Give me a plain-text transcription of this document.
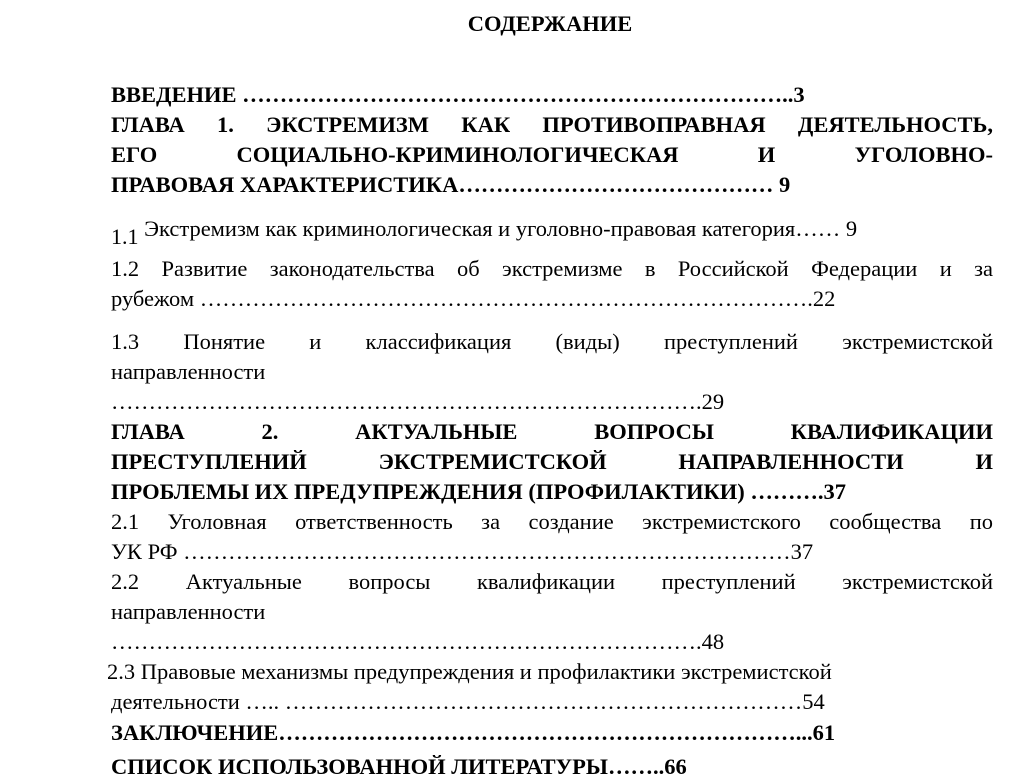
СОДЕРЖАНИЕ
ВВЕДЕНИЕ ………………………………………………………………..3
ГЛАВА 1. ЭКСТРЕМИЗМ КАК ПРОТИВОПРАВНАЯ ДЕЯТЕЛЬНОСТЬ,
ЕГО СОЦИАЛЬНО-КРИМИНОЛОГИЧЕСКАЯ И УГОЛОВНО-
ПРАВОВАЯ ХАРАКТЕРИСТИКА…………………………………… 9
1.1 Экстремизм как криминологическая и уголовно-правовая категория…… 9
1.2 Развитие законодательства об экстремизме в Российской Федерации и за
рубежом ……………………………………………………………………….22
1.3 Понятие и классификация (виды) преступлений экстремистской
направленности
…………………………………………………………………….29
ГЛАВА 2. АКТУАЛЬНЫЕ ВОПРОСЫ КВАЛИФИКАЦИИ
ПРЕСТУПЛЕНИЙ ЭКСТРЕМИСТСКОЙ НАПРАВЛЕННОСТИ И
ПРОБЛЕМЫ ИХ ПРЕДУПРЕЖДЕНИЯ (ПРОФИЛАКТИКИ) ……….37
2.1 Уголовная ответственность за создание экстремистского сообщества по
УК РФ ………………………………………………………………………37
2.2 Актуальные вопросы квалификации преступлений экстремистской
направленности
…………………………………………………………………….48
2.3 Правовые механизмы предупреждения и профилактики экстремистской
деятельности ….. ……………………………………………………………54
ЗАКЛЮЧЕНИЕ……………………………………………………………...61
СПИСОК ИСПОЛЬЗОВАННОЙ ЛИТЕРАТУРЫ……..66
